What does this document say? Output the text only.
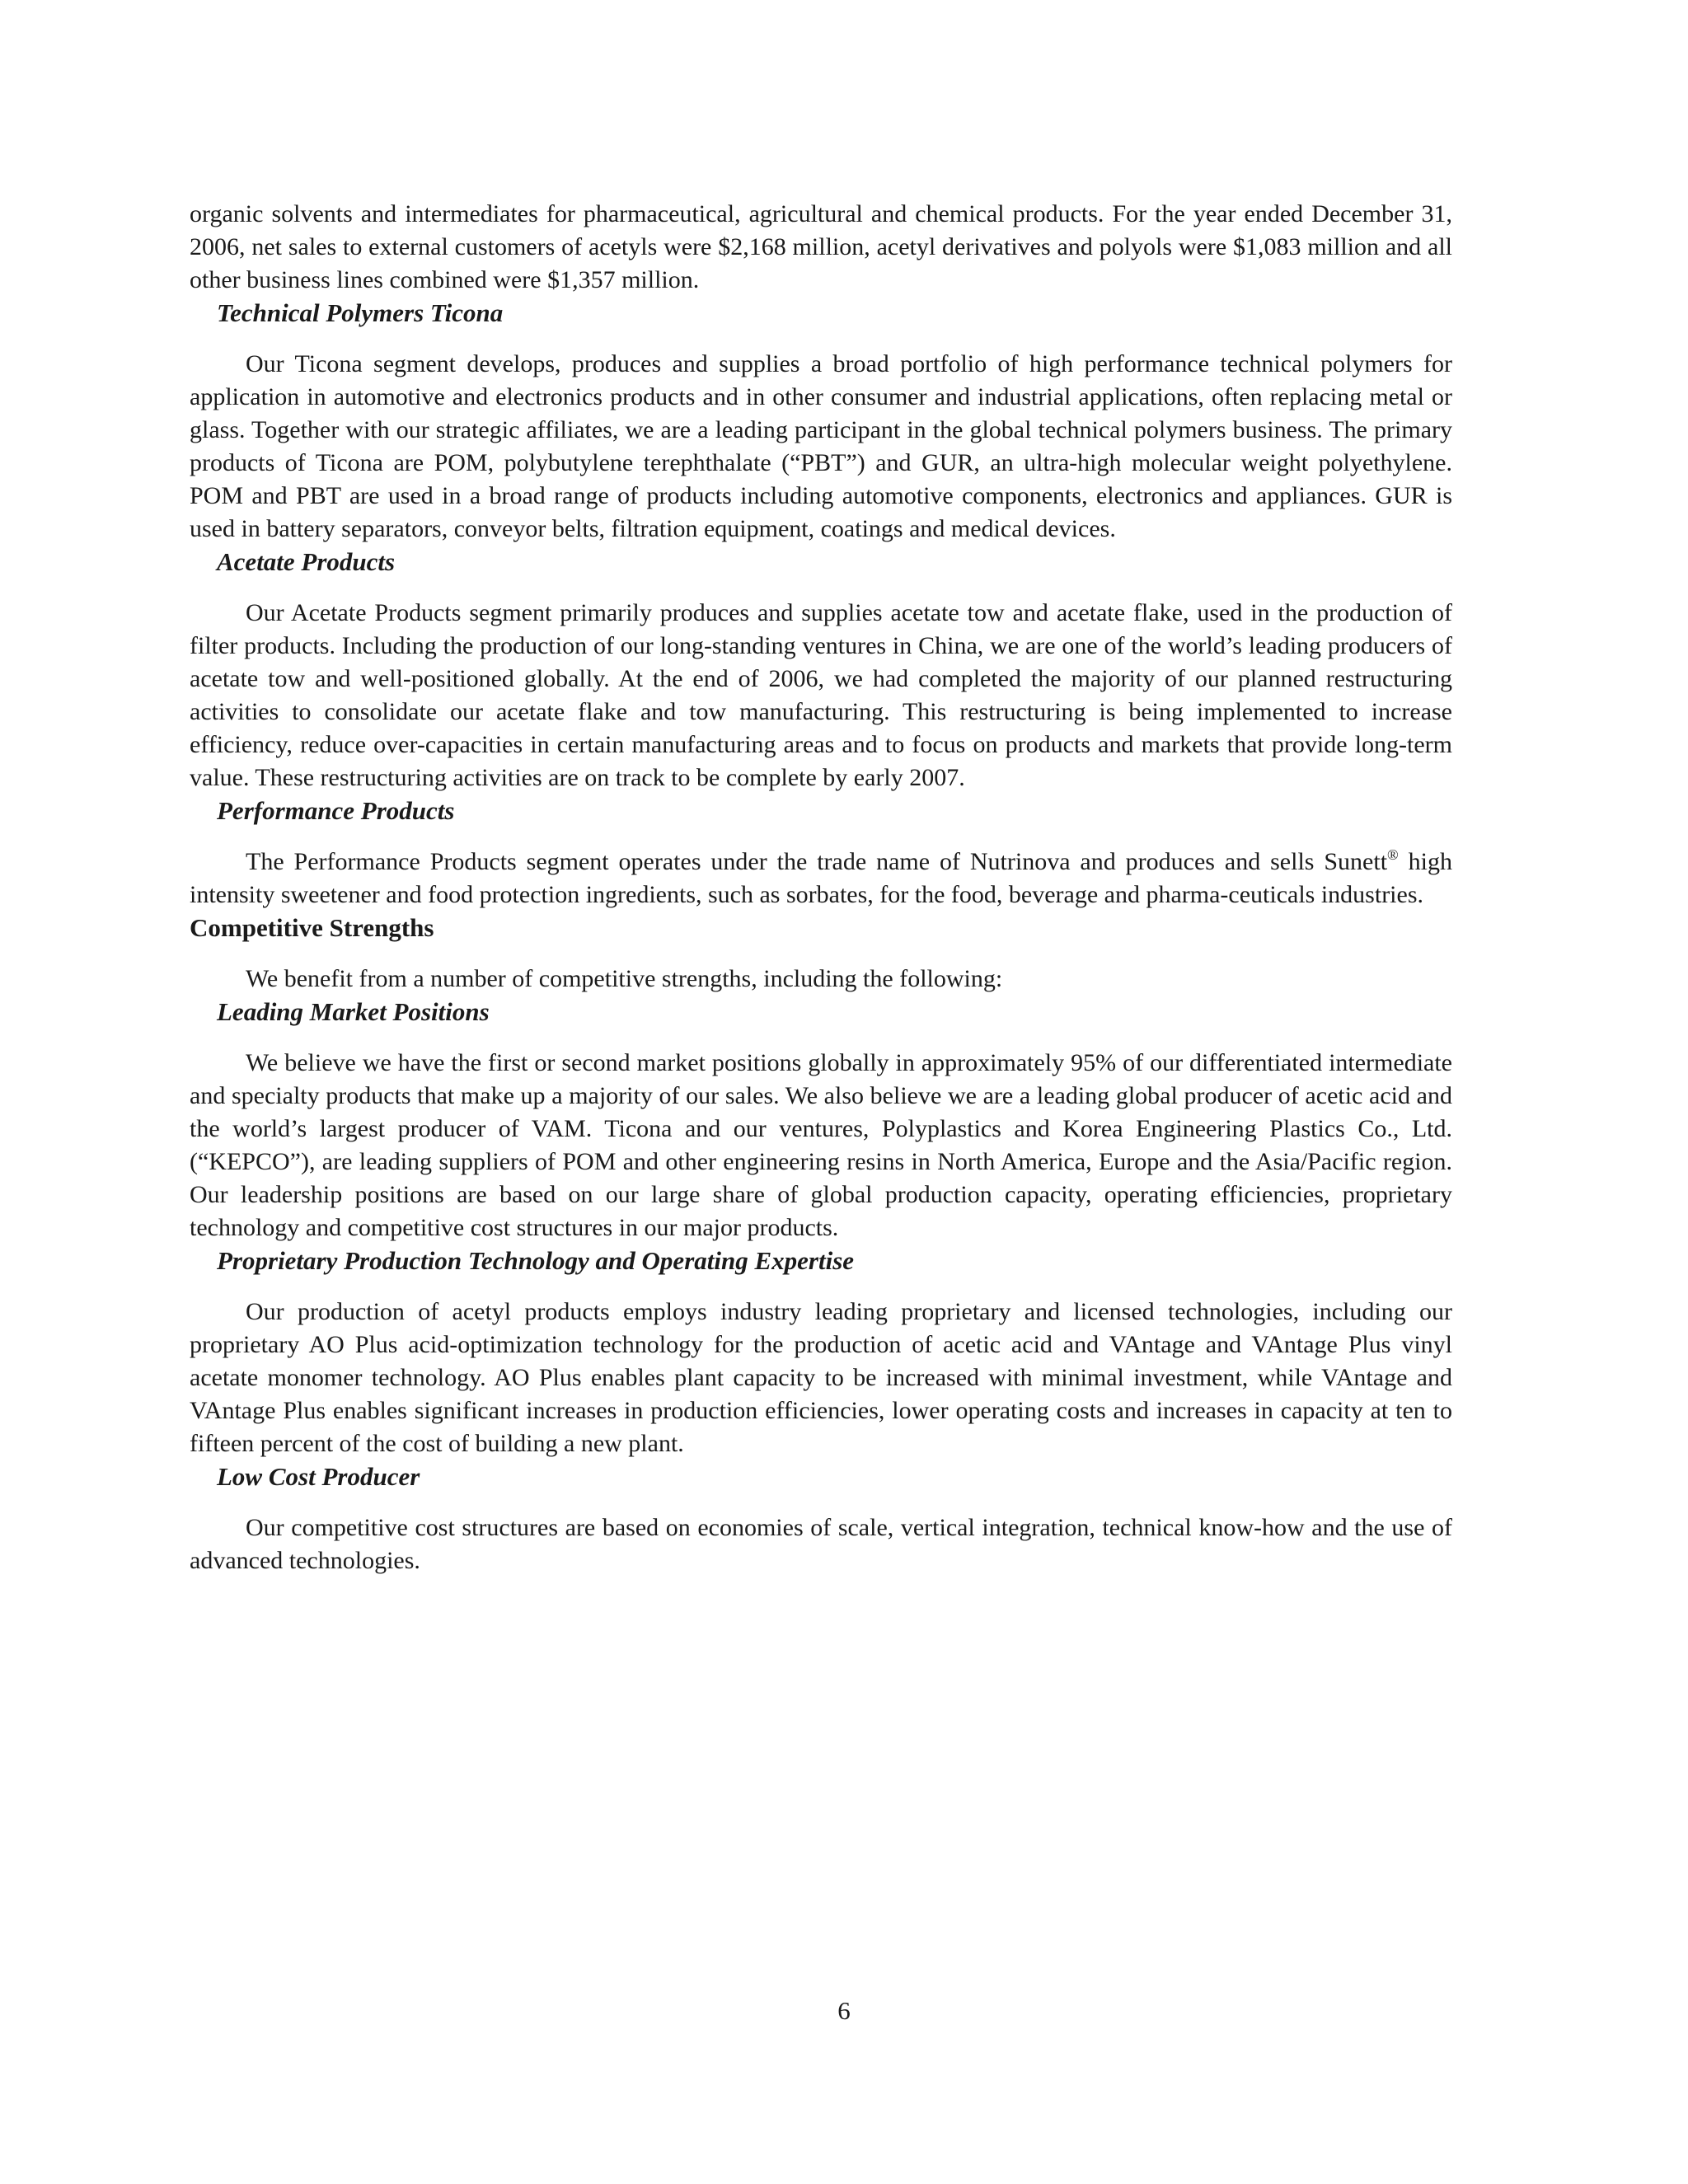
organic solvents and intermediates for pharmaceutical, agricultural and chemical products. For the year ended December 31, 2006, net sales to external customers of acetyls were $2,168 million, acetyl derivatives and polyols were $1,083 million and all other business lines combined were $1,357 million.

Technical Polymers Ticona

Our Ticona segment develops, produces and supplies a broad portfolio of high performance technical polymers for application in automotive and electronics products and in other consumer and industrial applications, often replacing metal or glass. Together with our strategic affiliates, we are a leading participant in the global technical polymers business. The primary products of Ticona are POM, polybutylene terephthalate (“PBT”) and GUR, an ultra-high molecular weight polyethylene. POM and PBT are used in a broad range of products including automotive components, electronics and appliances. GUR is used in battery separators, conveyor belts, filtration equipment, coatings and medical devices.

Acetate Products

Our Acetate Products segment primarily produces and supplies acetate tow and acetate flake, used in the production of filter products. Including the production of our long-standing ventures in China, we are one of the world’s leading producers of acetate tow and well-positioned globally. At the end of 2006, we had completed the majority of our planned restructuring activities to consolidate our acetate flake and tow manufacturing. This restructuring is being implemented to increase efficiency, reduce over-capacities in certain manufacturing areas and to focus on products and markets that provide long-term value. These restructuring activities are on track to be complete by early 2007.

Performance Products

The Performance Products segment operates under the trade name of Nutrinova and produces and sells Sunett® high intensity sweetener and food protection ingredients, such as sorbates, for the food, beverage and pharma-ceuticals industries.

Competitive Strengths

We benefit from a number of competitive strengths, including the following:

Leading Market Positions

We believe we have the first or second market positions globally in approximately 95% of our differentiated intermediate and specialty products that make up a majority of our sales. We also believe we are a leading global producer of acetic acid and the world’s largest producer of VAM. Ticona and our ventures, Polyplastics and Korea Engineering Plastics Co., Ltd. (“KEPCO”), are leading suppliers of POM and other engineering resins in North America, Europe and the Asia/Pacific region. Our leadership positions are based on our large share of global production capacity, operating efficiencies, proprietary technology and competitive cost structures in our major products.

Proprietary Production Technology and Operating Expertise

Our production of acetyl products employs industry leading proprietary and licensed technologies, including our proprietary AO Plus acid-optimization technology for the production of acetic acid and VAntage and VAntage Plus vinyl acetate monomer technology. AO Plus enables plant capacity to be increased with minimal investment, while VAntage and VAntage Plus enables significant increases in production efficiencies, lower operating costs and increases in capacity at ten to fifteen percent of the cost of building a new plant.

Low Cost Producer

Our competitive cost structures are based on economies of scale, vertical integration, technical know-how and the use of advanced technologies.

6
